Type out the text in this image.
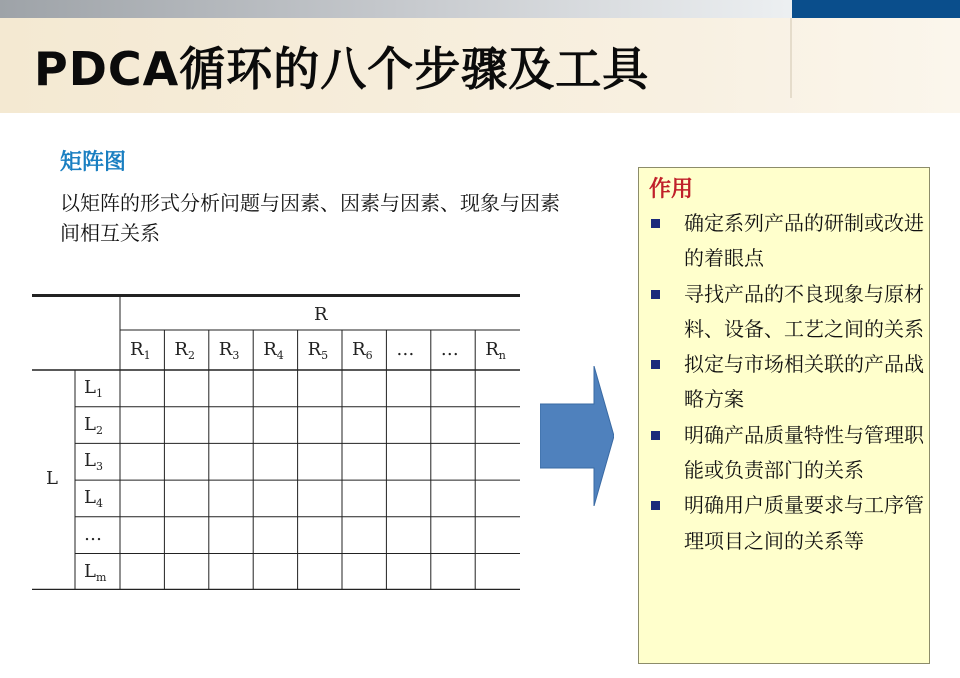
PDCA循环的八个步骤及工具
矩阵图
以矩阵的形式分析问题与因素、因素与因素、现象与因素间相互关系
R
L
$R_1$ $R_2$ $R_3$ $R_4$ $R_5$ $R_6$ … … $R_n$
$L_1$
$L_2$
$L_3$
$L_4$
…
$L_m$
作用
确定系列产品的研制或改进的着眼点
寻找产品的不良现象与原材料、设备、工艺之间的关系
拟定与市场相关联的产品战略方案
明确产品质量特性与管理职能或负责部门的关系
明确用户质量要求与工序管理项目之间的关系等
